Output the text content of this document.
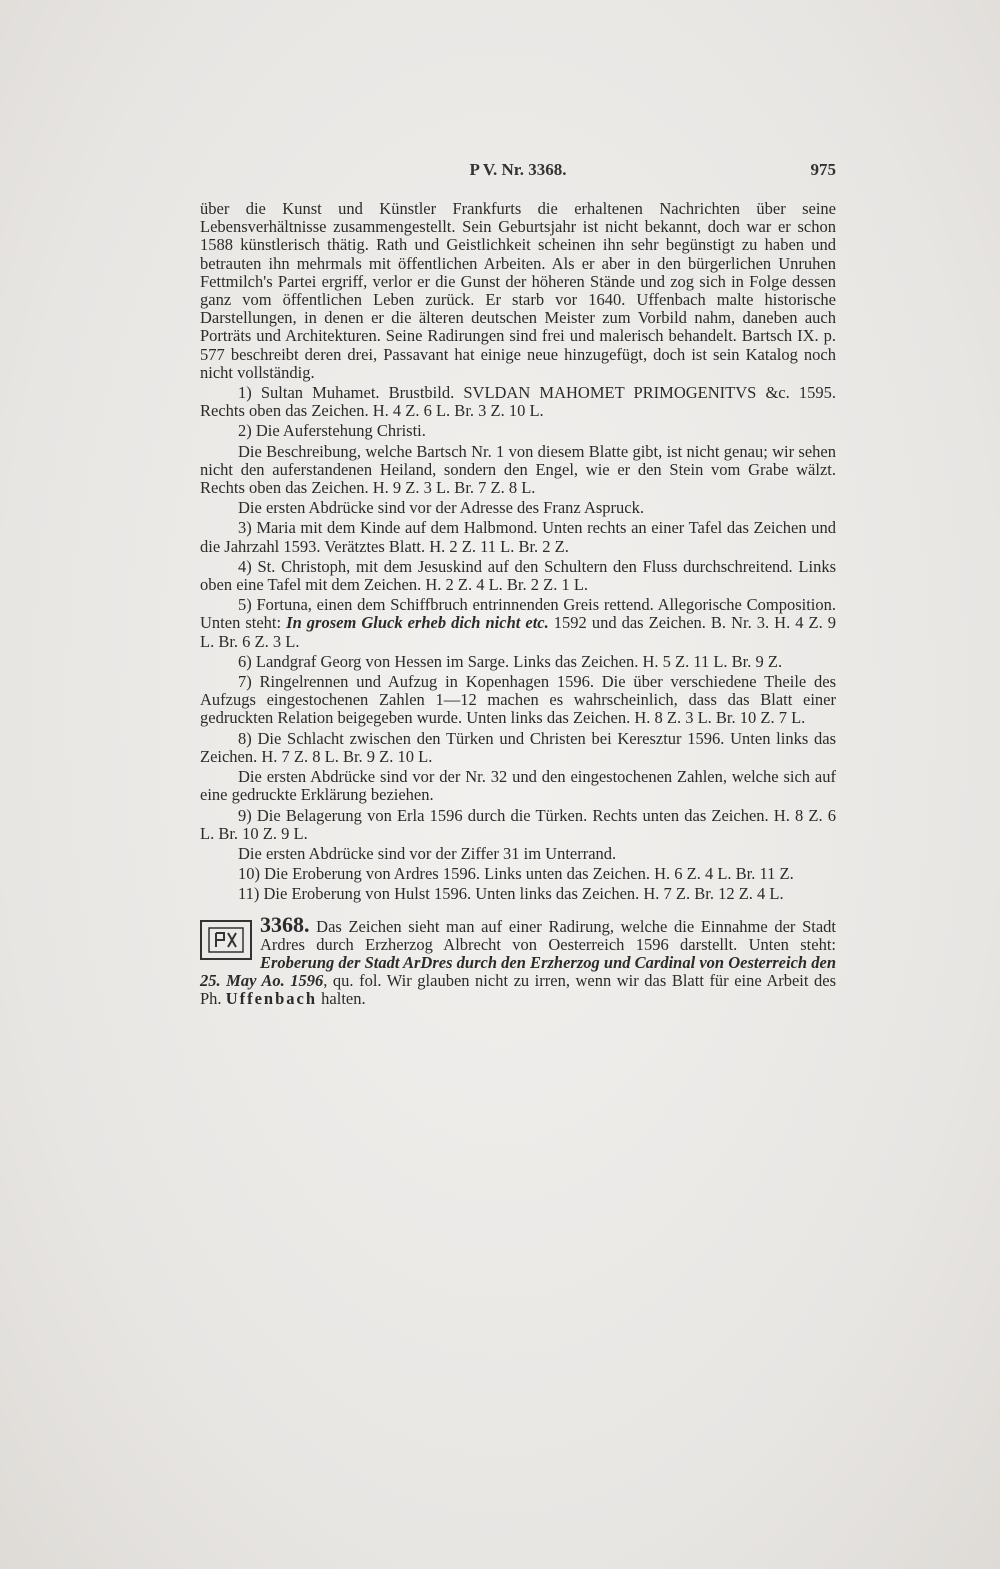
P V. Nr. 3368.	975

über die Kunst und Künstler Frankfurts die erhaltenen Nachrichten über seine Lebensverhältnisse zusammengestellt. Sein Geburtsjahr ist nicht bekannt, doch war er schon 1588 künstlerisch thätig. Rath und Geistlichkeit scheinen ihn sehr begünstigt zu haben und betrauten ihn mehrmals mit öffentlichen Arbeiten. Als er aber in den bürgerlichen Unruhen Fettmilch's Partei ergriff, verlor er die Gunst der höheren Stände und zog sich in Folge dessen ganz vom öffentlichen Leben zurück. Er starb vor 1640. Uffenbach malte historische Darstellungen, in denen er die älteren deutschen Meister zum Vorbild nahm, daneben auch Porträts und Architekturen. Seine Radirungen sind frei und malerisch behandelt. Bartsch IX. p. 577 beschreibt deren drei, Passavant hat einige neue hinzugefügt, doch ist sein Katalog noch nicht vollständig.

1) Sultan Muhamet. Brustbild. SVLDAN MAHOMET PRIMOGENITVS &c. 1595. Rechts oben das Zeichen. H. 4 Z. 6 L. Br. 3 Z. 10 L.

2) Die Auferstehung Christi.

Die Beschreibung, welche Bartsch Nr. 1 von diesem Blatte gibt, ist nicht genau; wir sehen nicht den auferstandenen Heiland, sondern den Engel, wie er den Stein vom Grabe wälzt. Rechts oben das Zeichen. H. 9 Z. 3 L. Br. 7 Z. 8 L.

Die ersten Abdrücke sind vor der Adresse des Franz Aspruck.

3) Maria mit dem Kinde auf dem Halbmond. Unten rechts an einer Tafel das Zeichen und die Jahrzahl 1593. Verätztes Blatt. H. 2 Z. 11 L. Br. 2 Z.

4) St. Christoph, mit dem Jesuskind auf den Schultern den Fluss durchschreitend. Links oben eine Tafel mit dem Zeichen. H. 2 Z. 4 L. Br. 2 Z. 1 L.

5) Fortuna, einen dem Schiffbruch entrinnenden Greis rettend. Allegorische Composition. Unten steht: In grosem Gluck erheb dich nicht etc. 1592 und das Zeichen. B. Nr. 3. H. 4 Z. 9 L. Br. 6 Z. 3 L.

6) Landgraf Georg von Hessen im Sarge. Links das Zeichen. H. 5 Z. 11 L. Br. 9 Z.

7) Ringelrennen und Aufzug in Kopenhagen 1596. Die über verschiedene Theile des Aufzugs eingestochenen Zahlen 1—12 machen es wahrscheinlich, dass das Blatt einer gedruckten Relation beigegeben wurde. Unten links das Zeichen. H. 8 Z. 3 L. Br. 10 Z. 7 L.

8) Die Schlacht zwischen den Türken und Christen bei Keresztur 1596. Unten links das Zeichen. H. 7 Z. 8 L. Br. 9 Z. 10 L.

Die ersten Abdrücke sind vor der Nr. 32 und den eingestochenen Zahlen, welche sich auf eine gedruckte Erklärung beziehen.

9) Die Belagerung von Erla 1596 durch die Türken. Rechts unten das Zeichen. H. 8 Z. 6 L. Br. 10 Z. 9 L.

Die ersten Abdrücke sind vor der Ziffer 31 im Unterrand.

10) Die Eroberung von Ardres 1596. Links unten das Zeichen. H. 6 Z. 4 L. Br. 11 Z.

11) Die Eroberung von Hulst 1596. Unten links das Zeichen. H. 7 Z. Br. 12 Z. 4 L.

3368. Das Zeichen sieht man auf einer Radirung, welche die Einnahme der Stadt Ardres durch Erzherzog Albrecht von Oesterreich 1596 darstellt. Unten steht: Eroberung der Stadt ArDres durch den Erzherzog und Cardinal von Oesterreich den 25. May Ao. 1596, qu. fol. Wir glauben nicht zu irren, wenn wir das Blatt für eine Arbeit des Ph. Uffenbach halten.
